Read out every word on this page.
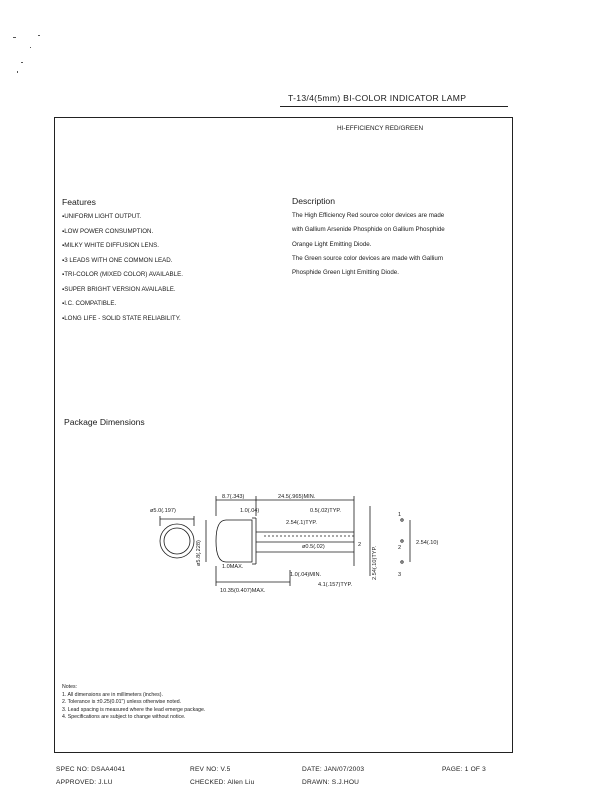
T-13/4(5mm) BI-COLOR INDICATOR LAMP
HI-EFFICIENCY RED/GREEN
Features
▪UNIFORM LIGHT OUTPUT.
▪LOW POWER CONSUMPTION.
▪MILKY WHITE DIFFUSION LENS.
▪3 LEADS WITH ONE COMMON LEAD.
▪TRI-COLOR (MIXED COLOR) AVAILABLE.
▪SUPER BRIGHT VERSION AVAILABLE.
▪I.C. COMPATIBLE.
▪LONG LIFE - SOLID STATE RELIABILITY.
Description
The High Efficiency Red source color devices are made
with Gallium Arsenide Phosphide on Gallium Phosphide
Orange Light Emitting Diode.
The Green source color devices are made with Gallium
Phosphide Green Light Emitting Diode.
Package Dimensions
ø5.0(.197)
ø5.8(.228)
8.7(.343)	24.5(.965)MIN.
1.0(.04)	0.5(.02)TYP.
2.54(.1)TYP.
ø0.5(.02)
10.35(0.407)MAX.
1.0MAX.
1.0(.04)MIN.
4.1(.157)TYP.
2.54(.10)TYP.
2
1
2
3
2.54(.10)
Notes:
1. All dimensions are in millimeters (inches).
2. Tolerance is ±0.25(0.01") unless otherwise noted.
3. Lead spacing is measured where the lead emerge package.
4. Specifications are subject to change without notice.
SPEC NO: DSAA4041	REV NO: V.5	DATE: JAN/07/2003	PAGE: 1 OF 3
APPROVED: J.LU	CHECKED: Allen Liu	DRAWN: S.J.HOU
